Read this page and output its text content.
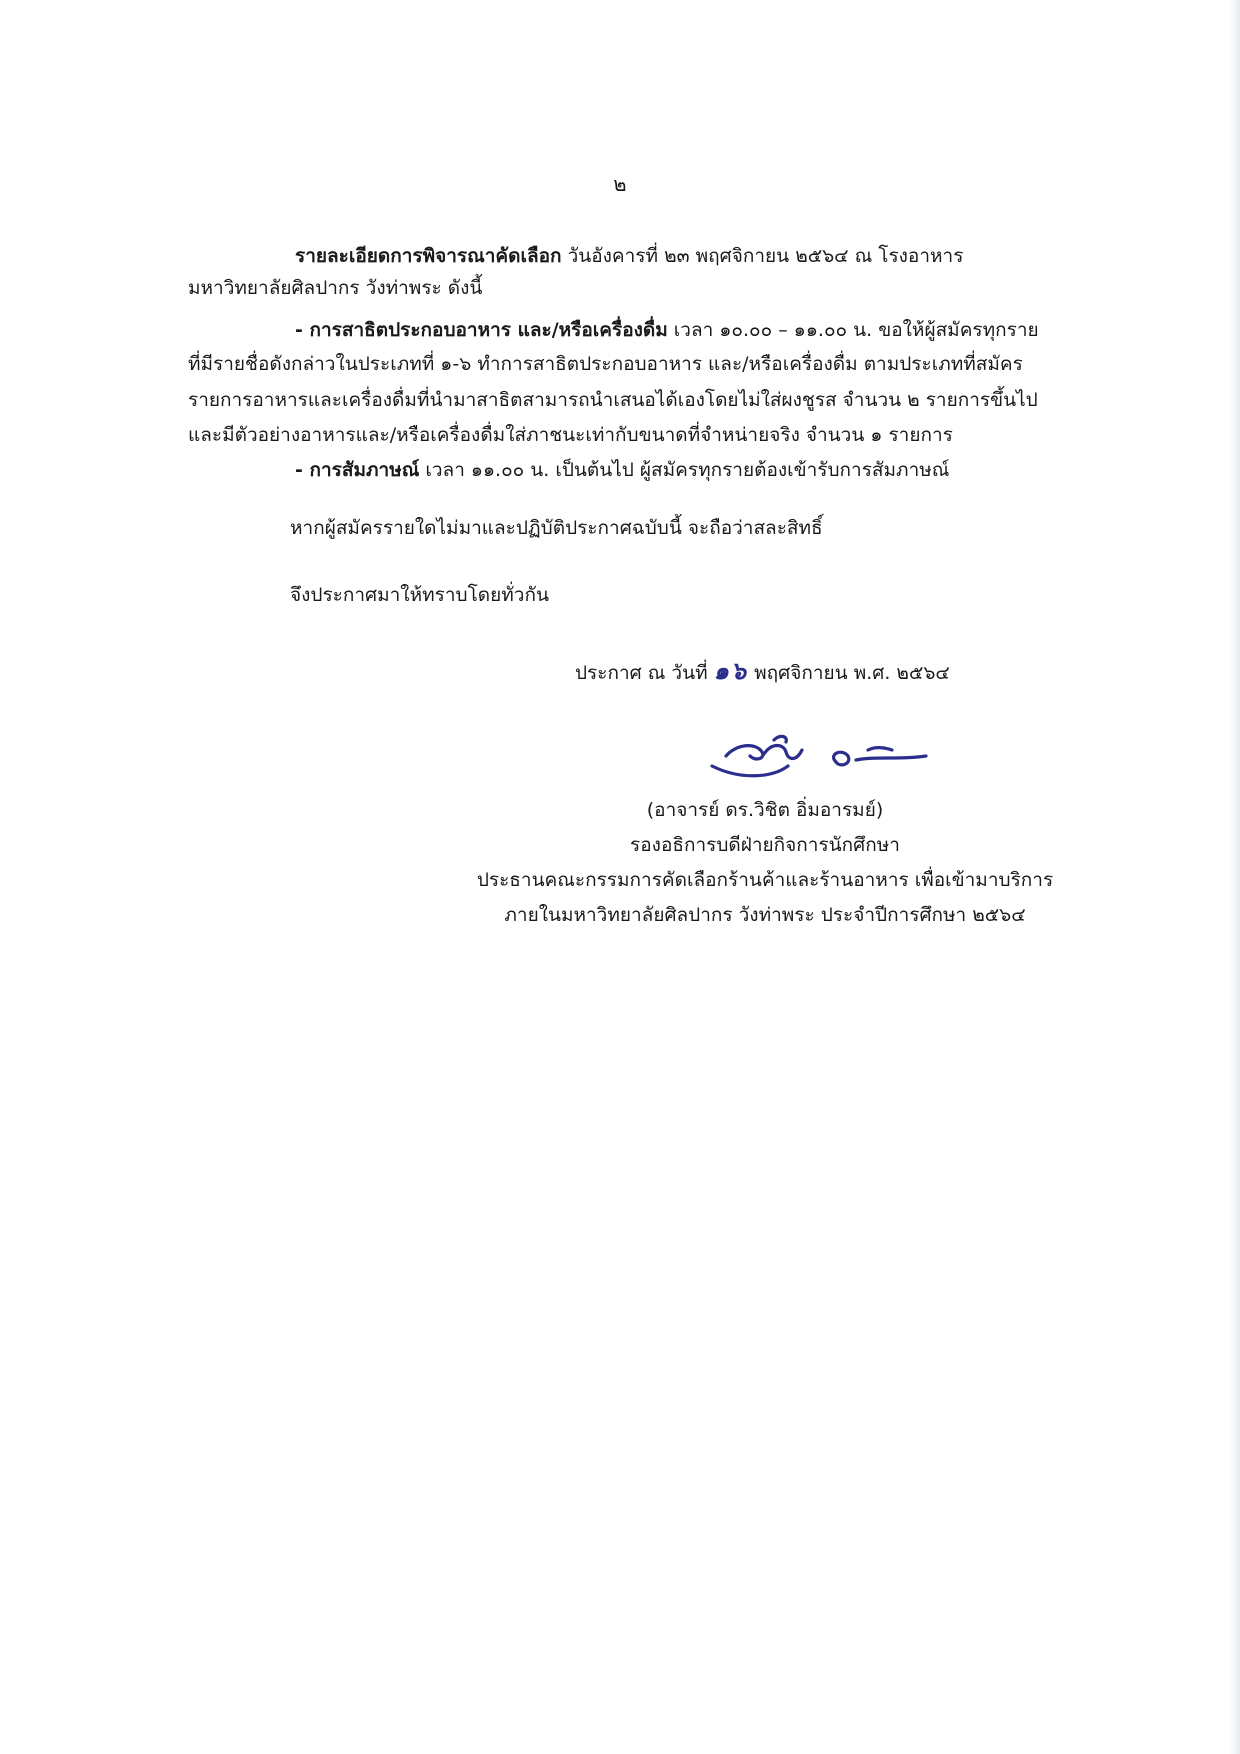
๒
รายละเอียดการพิจารณาคัดเลือก วันอังคารที่ ๒๓ พฤศจิกายน ๒๕๖๔ ณ โรงอาหาร
มหาวิทยาลัยศิลปากร วังท่าพระ ดังนี้
- การสาธิตประกอบอาหาร และ/หรือเครื่องดื่ม เวลา ๑๐.๐๐ – ๑๑.๐๐ น. ขอให้ผู้สมัครทุกราย
ที่มีรายชื่อดังกล่าวในประเภทที่ ๑-๖ ทำการสาธิตประกอบอาหาร และ/หรือเครื่องดื่ม ตามประเภทที่สมัคร
รายการอาหารและเครื่องดื่มที่นำมาสาธิตสามารถนำเสนอได้เองโดยไม่ใส่ผงชูรส จำนวน ๒ รายการขึ้นไป
และมีตัวอย่างอาหารและ/หรือเครื่องดื่มใส่ภาชนะเท่ากับขนาดที่จำหน่ายจริง จำนวน ๑ รายการ
- การสัมภาษณ์ เวลา ๑๑.๐๐ น. เป็นต้นไป ผู้สมัครทุกรายต้องเข้ารับการสัมภาษณ์
หากผู้สมัครรายใดไม่มาและปฏิบัติประกาศฉบับนี้ จะถือว่าสละสิทธิ์
จึงประกาศมาให้ทราบโดยทั่วกัน
ประกาศ ณ วันที่ ๑๖ พฤศจิกายน พ.ศ. ๒๕๖๔
(อาจารย์ ดร.วิชิต อิ่มอารมย์)
รองอธิการบดีฝ่ายกิจการนักศึกษา
ประธานคณะกรรมการคัดเลือกร้านค้าและร้านอาหาร เพื่อเข้ามาบริการ
ภายในมหาวิทยาลัยศิลปากร วังท่าพระ ประจำปีการศึกษา ๒๕๖๔
